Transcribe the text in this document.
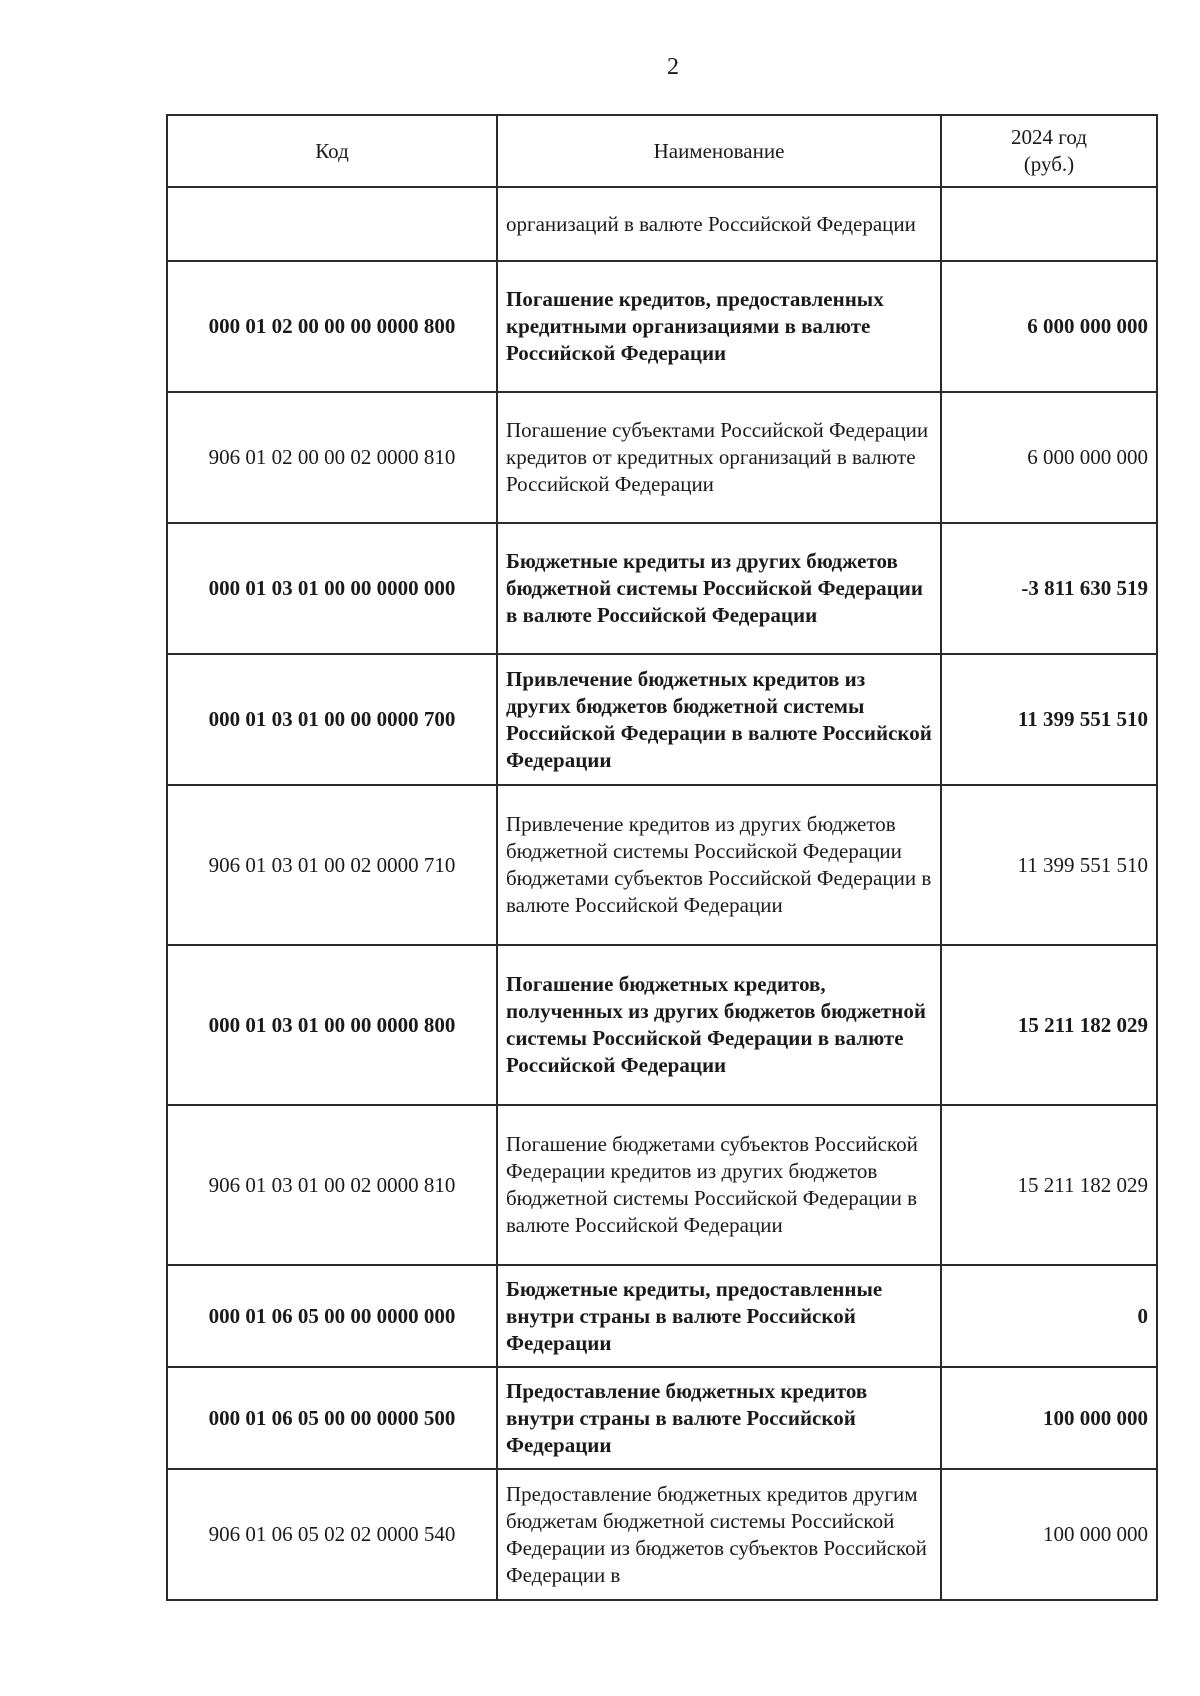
2
Код	Наименование	2024 год
(руб.)

	организаций в валюте Российской Федерации	
000 01 02 00 00 00 0000 800	Погашение кредитов, предоставленных кредитными организациями в валюте Российской Федерации	6 000 000 000
906 01 02 00 00 02 0000 810	Погашение субъектами Российской Федерации кредитов от кредитных организаций в валюте Российской Федерации	6 000 000 000
000 01 03 01 00 00 0000 000	Бюджетные кредиты из других бюджетов бюджетной системы Российской Федерации в валюте Российской Федерации	-3 811 630 519
000 01 03 01 00 00 0000 700	Привлечение бюджетных кредитов из других бюджетов бюджетной системы Российской Федерации в валюте Российской Федерации	11 399 551 510
906 01 03 01 00 02 0000 710	Привлечение кредитов из других бюджетов бюджетной системы Российской Федерации бюджетами субъектов Российской Федерации в валюте Российской Федерации	11 399 551 510
000 01 03 01 00 00 0000 800	Погашение бюджетных кредитов, полученных из других бюджетов бюджетной системы Российской Федерации в валюте Российской Федерации	15 211 182 029
906 01 03 01 00 02 0000 810	Погашение бюджетами субъектов Российской Федерации кредитов из других бюджетов бюджетной системы Российской Федерации в валюте Российской Федерации	15 211 182 029
000 01 06 05 00 00 0000 000	Бюджетные кредиты, предоставленные внутри страны в валюте Российской Федерации	0
000 01 06 05 00 00 0000 500	Предоставление бюджетных кредитов внутри страны в валюте Российской Федерации	100 000 000
906 01 06 05 02 02 0000 540	Предоставление бюджетных кредитов другим бюджетам бюджетной системы Российской Федерации из бюджетов субъектов Российской Федерации в	100 000 000
